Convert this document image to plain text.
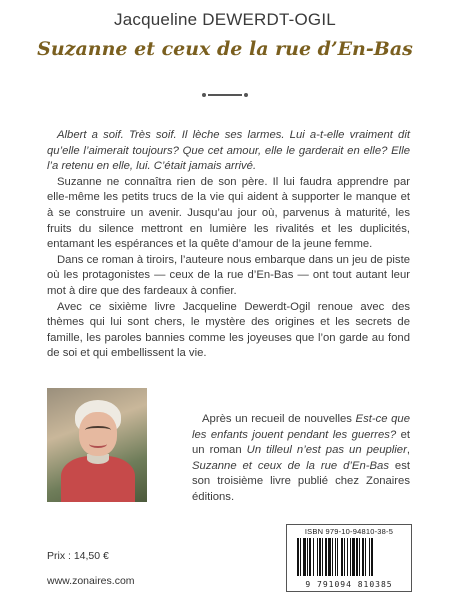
Jacqueline DEWERDT-OGIL
Suzanne et ceux de la rue d’En-Bas

Albert a soif. Très soif. Il lèche ses larmes. Lui a-t-elle vraiment dit qu’elle l’aimerait toujours? Que cet amour, elle le garderait en elle? Elle l’a retenu en elle, lui. C’était jamais arrivé.

Suzanne ne connaîtra rien de son père. Il lui faudra apprendre par elle-même les petits trucs de la vie qui aident à supporter le manque et à se construire un avenir. Jusqu’au jour où, parvenus à maturité, les fruits du silence mettront en lumière les rivalités et les duplicités, entamant les espérances et la quête d’amour de la jeune femme.

Dans ce roman à tiroirs, l’auteure nous embarque dans un jeu de piste où les protagonistes — ceux de la rue d’En-Bas — ont tout autant leur mot à dire que des fardeaux à confier.

Avec ce sixième livre Jacqueline Dewerdt-Ogil renoue avec des thèmes qui lui sont chers, le mystère des origines et les secrets de famille, les paroles bannies comme les joyeuses que l’on garde au fond de soi et qui embellissent la vie.

Après un recueil de nouvelles Est-ce que les enfants jouent pendant les guerres? et un roman Un tilleul n’est pas un peuplier, Suzanne et ceux de la rue d’En-Bas est son troisième livre publié chez Zonaires éditions.

Prix : 14,50 €
www.zonaires.com
ISBN 979-10-94810-38-5
9 791094 810385
